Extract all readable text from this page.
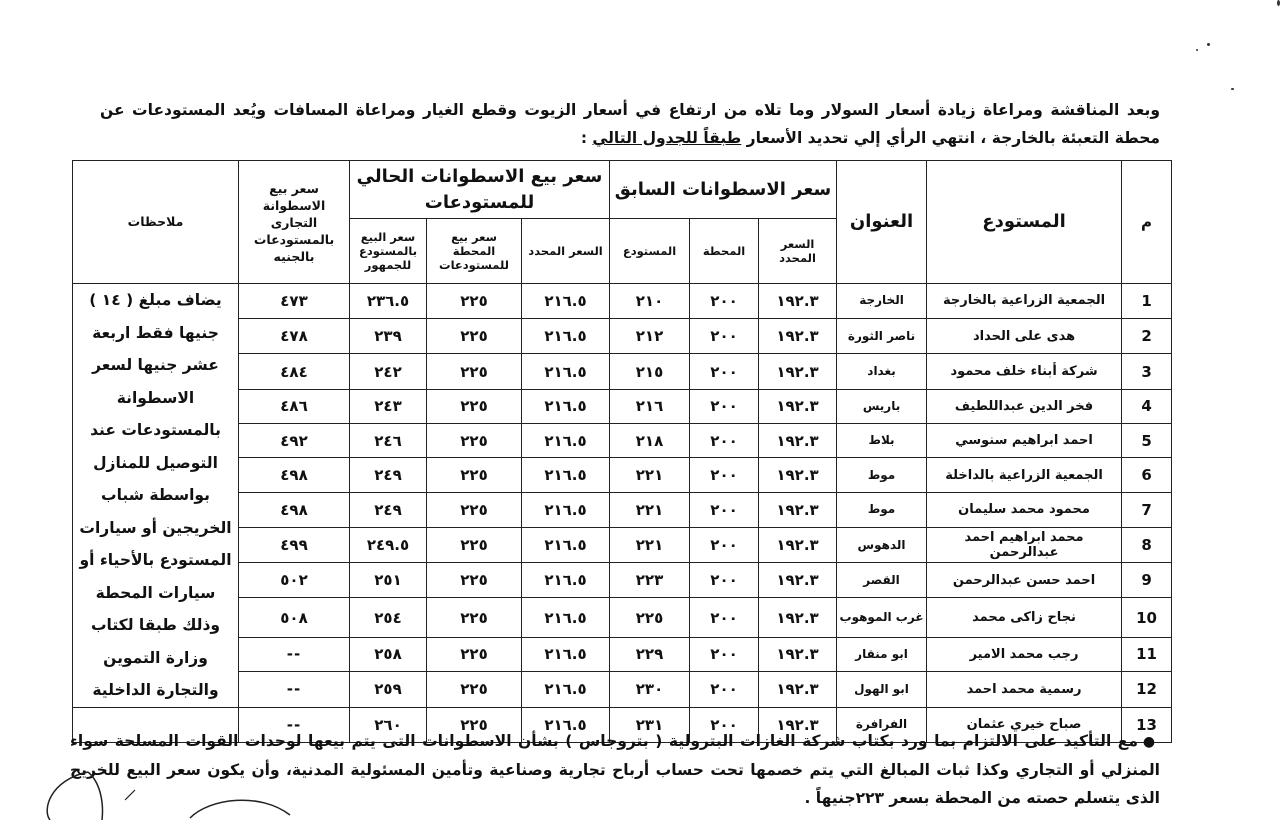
وبعد المناقشة ومراعاة زيادة أسعار السولار وما تلاه من ارتفاع في أسعار الزيوت وقطع الغيار ومراعاة المسافات ويُعد المستودعات عن محطة التعبئة بالخارجة ، انتهي الرأي إلي تحديد الأسعار طبقاً للجدول التالي :
م	المستودع	العنوان	سعر الاسطوانات السابق			سعر بيع الاسطوانات الحالي للمستودعات			سعر بيع الاسطوانة التجارى بالمستودعات بالجنيه	ملاحظات
			السعر المحدد	المحطة	المستودع	السعر المحدد	سعر بيع المحطة للمستودعات	سعر البيع بالمستودع للجمهور		
1	الجمعية الزراعية بالخارجة	الخارجة	١٩٢.٣	٢٠٠	٢١٠	٢١٦.٥	٢٢٥	٢٣٦.٥	٤٧٣	يضاف مبلغ ( ١٤ ) جنيها فقط اربعة عشر جنيها لسعر الاسطوانة بالمستودعات عند التوصيل للمنازل بواسطة شباب الخريجين أو سيارات المستودع بالأحياء أو سيارات المحطة وذلك طبقا لكتاب وزارة التموين والتجارة الداخلية
2	هدى على الحداد	ناصر الثورة	١٩٢.٣	٢٠٠	٢١٢	٢١٦.٥	٢٢٥	٢٣٩	٤٧٨	
3	شركة أبناء خلف محمود	بغداد	١٩٢.٣	٢٠٠	٢١٥	٢١٦.٥	٢٢٥	٢٤٢	٤٨٤	
4	فخر الدين عبداللطيف	باريس	١٩٢.٣	٢٠٠	٢١٦	٢١٦.٥	٢٢٥	٢٤٣	٤٨٦	
5	احمد ابراهيم سنوسي	بلاط	١٩٢.٣	٢٠٠	٢١٨	٢١٦.٥	٢٢٥	٢٤٦	٤٩٢	
6	الجمعية الزراعية بالداخلة	موط	١٩٢.٣	٢٠٠	٢٢١	٢١٦.٥	٢٢٥	٢٤٩	٤٩٨	
7	محمود محمد سليمان	موط	١٩٢.٣	٢٠٠	٢٢١	٢١٦.٥	٢٢٥	٢٤٩	٤٩٨	
8	محمد ابراهيم احمد عبدالرحمن	الدهوس	١٩٢.٣	٢٠٠	٢٢١	٢١٦.٥	٢٢٥	٢٤٩.٥	٤٩٩	
9	احمد حسن عبدالرحمن	القصر	١٩٢.٣	٢٠٠	٢٢٣	٢١٦.٥	٢٢٥	٢٥١	٥٠٢	
10	نجاح زاكى محمد	غرب الموهوب	١٩٢.٣	٢٠٠	٢٢٥	٢١٦.٥	٢٢٥	٢٥٤	٥٠٨	
11	رجب محمد الامير	ابو منقار	١٩٢.٣	٢٠٠	٢٢٩	٢١٦.٥	٢٢٥	٢٥٨	--	
12	رسمية محمد احمد	ابو الهول	١٩٢.٣	٢٠٠	٢٣٠	٢١٦.٥	٢٢٥	٢٥٩	--	
13	صباح خيري عثمان	الفرافرة	١٩٢.٣	٢٠٠	٢٣١	٢١٦.٥	٢٢٥	٢٦٠	--	
●مع التأكيد على الالتزام بما ورد بكتاب شركة الغازات البترولية ( بتروجاس ) بشأن الاسطوانات التى يتم بيعها لوحدات القوات المسلحة سواء المنزلي أو التجاري وكذا ثبات المبالغ التي يتم خصمها تحت حساب أرباح تجارية وصناعية وتأمين المسئولية المدنية، وأن يكون سعر البيع للخريج الذى يتسلم حصته من المحطة بسعر ٢٢٣جنيهاً .
